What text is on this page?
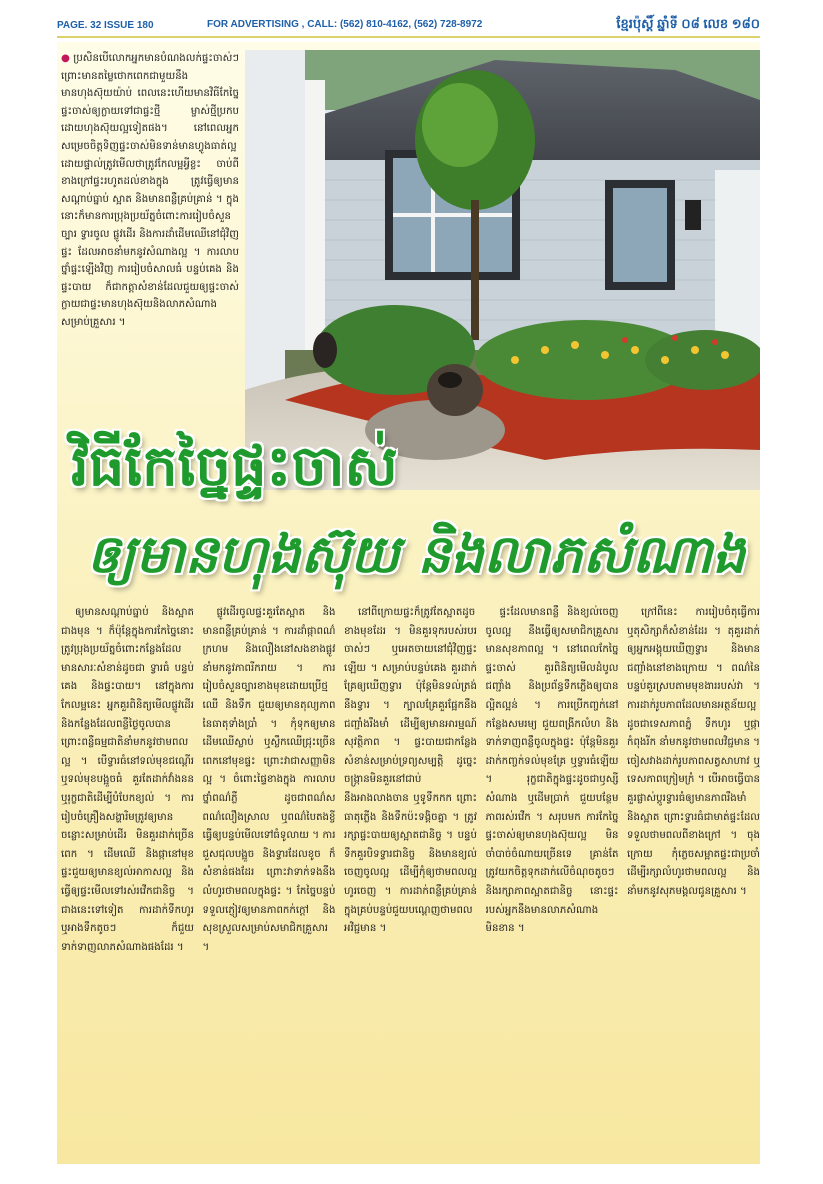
PAGE. 32 ISSUE 180	FOR ADVERTISING , CALL: (562) 810-4162, (562) 728-8972	ខ្មែរប៉ុស្ដិ៍ ឆ្នាំទី ០៨ លេខ ១៨០
● ប្រសិនបើលោកអ្នកមានបំណងលក់ផ្ទះចាស់ៗ ព្រោះមានតម្លៃថោកពេកជាមួយនឹងមានហុងស៊ុយយ៉ាប់ ពេលនេះហើយមានវិធីកែច្នៃផ្ទះចាស់ឲ្យក្លាយទៅជាផ្ទះថ្មី ម្ចាស់ថ្មីប្រកបដោយហុងស៊ុយល្អទៀតផង។ នៅពេលអ្នកសម្រេចចិត្តទិញផ្ទះចាស់មិនទាន់មានហ្វូងធាត់ល្អដោយផ្ទាល់ត្រូវមើលថាត្រូវកែលម្អអ្វីខ្លះ ចាប់ពីខាងក្រៅផ្ទះរហូតដល់ខាងក្នុង ត្រូវធ្វើឲ្យមានសណ្ដាប់ធ្នាប់ ស្អាត និងមានពន្លឺគ្រប់គ្រាន់ ។ ក្នុងនោះក៏មានការប្រុងប្រយ័ត្នចំពោះការរៀបចំសួនច្បារ ទ្វារចូល ផ្លូវដើរ និងការដាំដើមឈើនៅជុំវិញផ្ទះ ដែលអាចនាំមកនូវសំណាងល្អ ។ ការលាបថ្នាំផ្ទះឡើងវិញ ការរៀបចំសាលធំ បន្ទប់គេង និងផ្ទះបាយ ក៏ជាកត្តាសំខាន់ដែលជួយឲ្យផ្ទះចាស់ក្លាយជាផ្ទះមានហុងស៊ុយនិងលាភសំណាងសម្រាប់គ្រួសារ ។
វិធីកែច្នៃផ្ទះចាស់
ឲ្យមានហុងស៊ុយ និងលាភសំណាង

ឲ្យមានសណ្ដាប់ធ្នាប់ និងស្អាតជាងមុន ។ ក៏ប៉ុន្តែក្នុងការកែច្នៃនោះ ត្រូវប្រុងប្រយ័ត្នចំពោះកន្លែងដែលមានសារៈសំខាន់ដូចជា ទ្វារធំ បន្ទប់គេង និងផ្ទះបាយ។ នៅក្នុងការកែលម្អនេះ អ្នកគួរពិនិត្យមើលផ្លូវដើរ និងកន្លែងដែលពន្លឺថ្ងៃចូលបាន ព្រោះពន្លឺធម្មជាតិនាំមកនូវថាមពលល្អ ។ បើទ្វារធំនៅទល់មុខជណ្ដើរ ឬទល់មុខបង្អួចធំ គួរតែដាក់វាំងនន ឬរុក្ខជាតិដើម្បីបំបែកខ្យល់ ។ ការរៀបចំគ្រឿងសង្ហារិមត្រូវឲ្យមានចន្លោះសម្រាប់ដើរ មិនគួរដាក់ច្រើនពេក ។ ដើមឈើ និងផ្កានៅមុខផ្ទះជួយឲ្យមានខ្យល់អាកាសល្អ និងធ្វើឲ្យផ្ទះមើលទៅរស់រវើកជានិច្ច ។ ជាងនេះទៅទៀត ការដាក់ទឹកហូរ ឬអាងទឹកតូចៗ ក៏ជួយទាក់ទាញលាភសំណាងផងដែរ ។

ផ្លូវដើរចូលផ្ទះគួរតែស្អាត និងមានពន្លឺគ្រប់គ្រាន់ ។ ការដាំផ្កាពណ៌ក្រហម និងលឿងនៅសងខាងផ្លូវ នាំមកនូវភាពរីករាយ ។ ការរៀបចំសួនច្បារខាងមុខដោយប្រើថ្ម ឈើ និងទឹក ជួយឲ្យមានតុល្យភាពនៃធាតុទាំងប្រាំ ។ កុំទុកឲ្យមានដើមឈើស្លាប់ ឬស្លឹកឈើជ្រុះច្រើនពេកនៅមុខផ្ទះ ព្រោះវាជាសញ្ញាមិនល្អ ។ ចំពោះផ្ទៃខាងក្នុង ការលាបថ្នាំពណ៌ភ្លឺ ដូចជាពណ៌ស ពណ៌លឿងស្រាល ឬពណ៌បៃតងខ្ចី ធ្វើឲ្យបន្ទប់មើលទៅធំទូលាយ ។ ការជួសជុលបង្អួច និងទ្វារដែលខូច ក៏សំខាន់ផងដែរ ព្រោះវាទាក់ទងនឹងលំហូរថាមពលក្នុងផ្ទះ ។ កែច្នៃបន្ទប់ទទួលភ្ញៀវឲ្យមានភាពកក់ក្ដៅ និងសុខស្រួលសម្រាប់សមាជិកគ្រួសារ ។

នៅពីក្រោយផ្ទះក៏ត្រូវតែស្អាតដូចខាងមុខដែរ ។ មិនគួរទុករបស់របរចាស់ៗ ឬអេតចាយនៅជុំវិញផ្ទះឡើយ ។ សម្រាប់បន្ទប់គេង គួរដាក់គ្រែឲ្យឃើញទ្វារ ប៉ុន្តែមិនទល់ត្រង់នឹងទ្វារ ។ ក្បាលគ្រែគួរផ្អែកនឹងជញ្ជាំងរឹងមាំ ដើម្បីឲ្យមានអារម្មណ៍សុវត្ថិភាព ។ ផ្ទះបាយជាកន្លែងសំខាន់សម្រាប់ទ្រព្យសម្បត្តិ ដូច្នេះចង្ក្រានមិនគួរនៅជាប់នឹងអាងលាងចាន ឬទូទឹកកក ព្រោះធាតុភ្លើង និងទឹកប៉ះទង្គិចគ្នា ។ ត្រូវរក្សាផ្ទះបាយឲ្យស្អាតជានិច្ច ។ បន្ទប់ទឹកគួរបិទទ្វារជានិច្ច និងមានខ្យល់ចេញចូលល្អ ដើម្បីកុំឲ្យថាមពលល្អហូរចេញ ។ ការដាក់ពន្លឺគ្រប់គ្រាន់ក្នុងគ្រប់បន្ទប់ជួយបណ្ដេញថាមពលអវិជ្ជមាន ។

ផ្ទះដែលមានពន្លឺ និងខ្យល់ចេញចូលល្អ នឹងធ្វើឲ្យសមាជិកគ្រួសារមានសុខភាពល្អ ។ នៅពេលកែច្នៃផ្ទះចាស់ គួរពិនិត្យមើលដំបូល ជញ្ជាំង និងប្រព័ន្ធទឹកភ្លើងឲ្យបានល្អិតល្អន់ ។ ការប្រើកញ្ចក់នៅកន្លែងសមរម្យ ជួយពង្រីកលំហ និងទាក់ទាញពន្លឺចូលក្នុងផ្ទះ ប៉ុន្តែមិនគួរដាក់កញ្ចក់ទល់មុខគ្រែ ឬទ្វារធំឡើយ ។ រុក្ខជាតិក្នុងផ្ទះដូចជាឫស្សីសំណាង ឬដើមប្រាក់ ជួយបន្ថែមភាពរស់រវើក ។ សរុបមក ការកែច្នៃផ្ទះចាស់ឲ្យមានហុងស៊ុយល្អ មិនចាំបាច់ចំណាយច្រើនទេ គ្រាន់តែត្រូវយកចិត្តទុកដាក់លើចំណុចតូចៗ និងរក្សាភាពស្អាតជានិច្ច នោះផ្ទះរបស់អ្នកនឹងមានលាភសំណាងមិនខាន ។

ក្រៅពីនេះ ការរៀបចំតុធ្វើការ ឬតុសិក្សាក៏សំខាន់ដែរ ។ តុគួរដាក់ឲ្យអ្នកអង្គុយឃើញទ្វារ និងមានជញ្ជាំងនៅខាងក្រោយ ។ ពណ៌នៃបន្ទប់គួរស្របតាមមុខងាររបស់វា ។ ការដាក់រូបភាពដែលមានអត្ថន័យល្អ ដូចជាទេសភាពភ្នំ ទឹកហូរ ឬផ្កាកំពុងរីក នាំមកនូវថាមពលវិជ្ជមាន ។ ចៀសវាងដាក់រូបភាពសត្វសាហាវ ឬទេសភាពក្រៀមក្រំ ។ បើអាចធ្វើបាន គួរផ្លាស់ប្ដូរទ្វារធំឲ្យមានភាពរឹងមាំ និងស្អាត ព្រោះទ្វារធំជាមាត់ផ្ទះដែលទទួលថាមពលពីខាងក្រៅ ។ ចុងក្រោយ កុំភ្លេចសម្អាតផ្ទះជាប្រចាំ ដើម្បីរក្សាលំហូរថាមពលល្អ និងនាំមកនូវសុភមង្គលជូនគ្រួសារ ។
